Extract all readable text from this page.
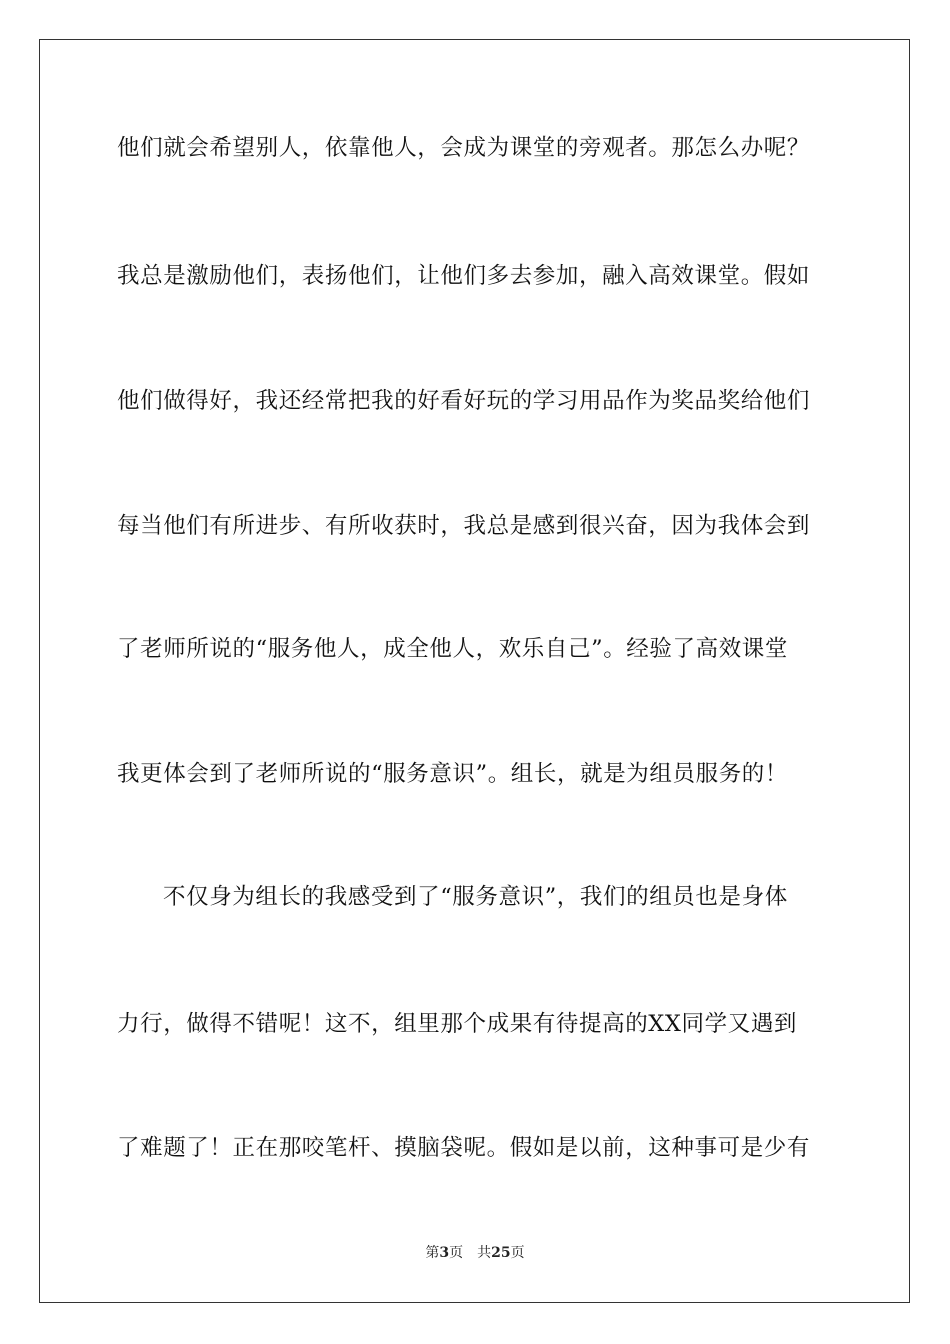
他们就会希望别人，依靠他人，会成为课堂的旁观者。那怎么办呢？
我总是激励他们，表扬他们，让他们多去参加，融入高效课堂。假如
他们做得好，我还经常把我的好看好玩的学习用品作为奖品奖给他们
每当他们有所进步、有所收获时，我总是感到很兴奋，因为我体会到
了老师所说的“服务他人，成全他人，欢乐自己”。经验了高效课堂
我更体会到了老师所说的“服务意识”。组长，就是为组员服务的！
不仅身为组长的我感受到了“服务意识”，我们的组员也是身体
力行，做得不错呢！这不，组里那个成果有待提高的XX同学又遇到
了难题了！正在那咬笔杆、摸脑袋呢。假如是以前，这种事可是少有
第3页 共25页
